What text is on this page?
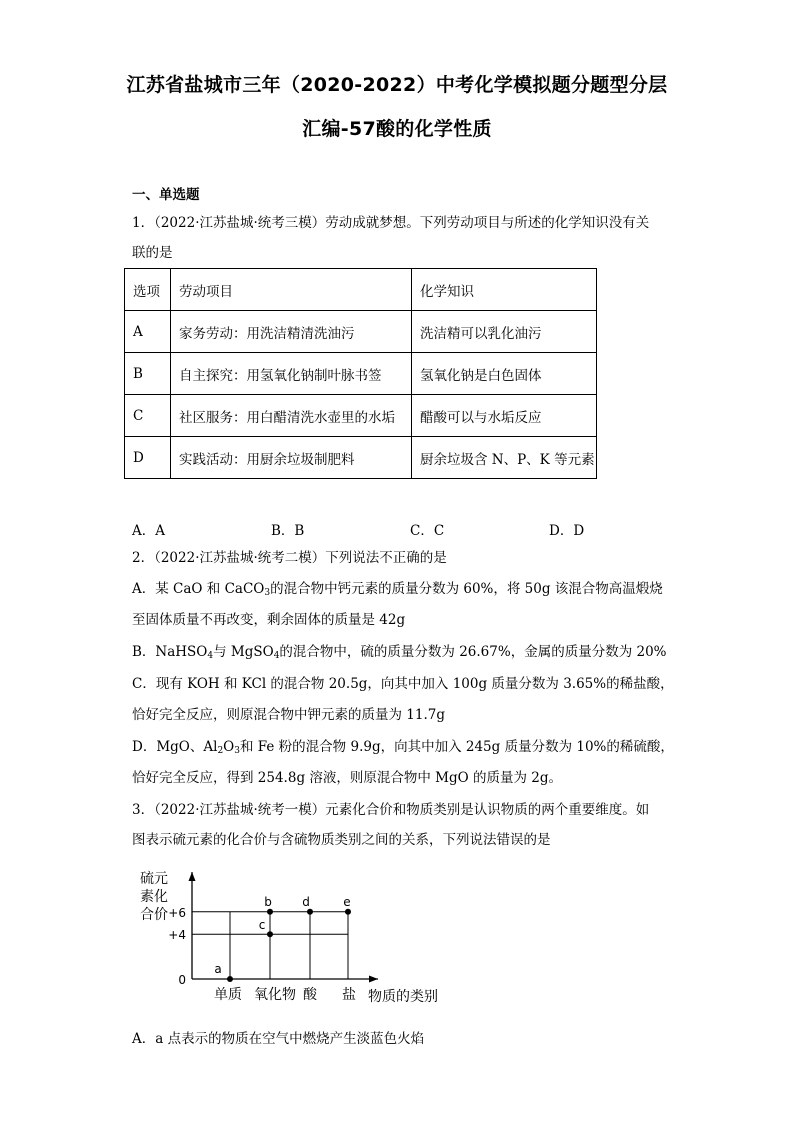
江苏省盐城市三年（2020-2022）中考化学模拟题分题型分层
汇编-57酸的化学性质
一、单选题
1．（2022·江苏盐城·统考三模）劳动成就梦想。下列劳动项目与所述的化学知识没有关
联的是
选项	劳动项目	化学知识
A	家务劳动：用洗洁精清洗油污	洗洁精可以乳化油污
B	自主探究：用氢氧化钠制叶脉书签	氢氧化钠是白色固体
C	社区服务：用白醋清洗水壶里的水垢	醋酸可以与水垢反应
D	实践活动：用厨余垃圾制肥料	厨余垃圾含 N、P、K 等元素
A．A	B．B	C．C	D．D
2．（2022·江苏盐城·统考二模）下列说法不正确的是
A．某 CaO 和 CaCO$_3$的混合物中钙元素的质量分数为 60%，将 50g 该混合物高温煅烧
至固体质量不再改变，剩余固体的质量是 42g
B．NaHSO$_4$与 MgSO$_4$的混合物中，硫的质量分数为 26.67%，金属的质量分数为 20%
C．现有 KOH 和 KCl 的混合物 20.5g，向其中加入 100g 质量分数为 3.65%的稀盐酸，
恰好完全反应，则原混合物中钾元素的质量为 11.7g
D．MgO、$Al_2O_3$和 Fe 粉的混合物 9.9g，向其中加入 245g 质量分数为 10%的稀硫酸，
恰好完全反应，得到 254.8g 溶液，则原混合物中 MgO 的质量为 2g。
3．（2022·江苏盐城·统考一模）元素化合价和物质类别是认识物质的两个重要维度。如
图表示硫元素的化合价与含硫物质类别之间的关系，下列说法错误的是
硫元
素化
合价
0
+4
+6
单质 氧化物 酸 盐 物质的类别
a
b
c
d	e
A．a 点表示的物质在空气中燃烧产生淡蓝色火焰
